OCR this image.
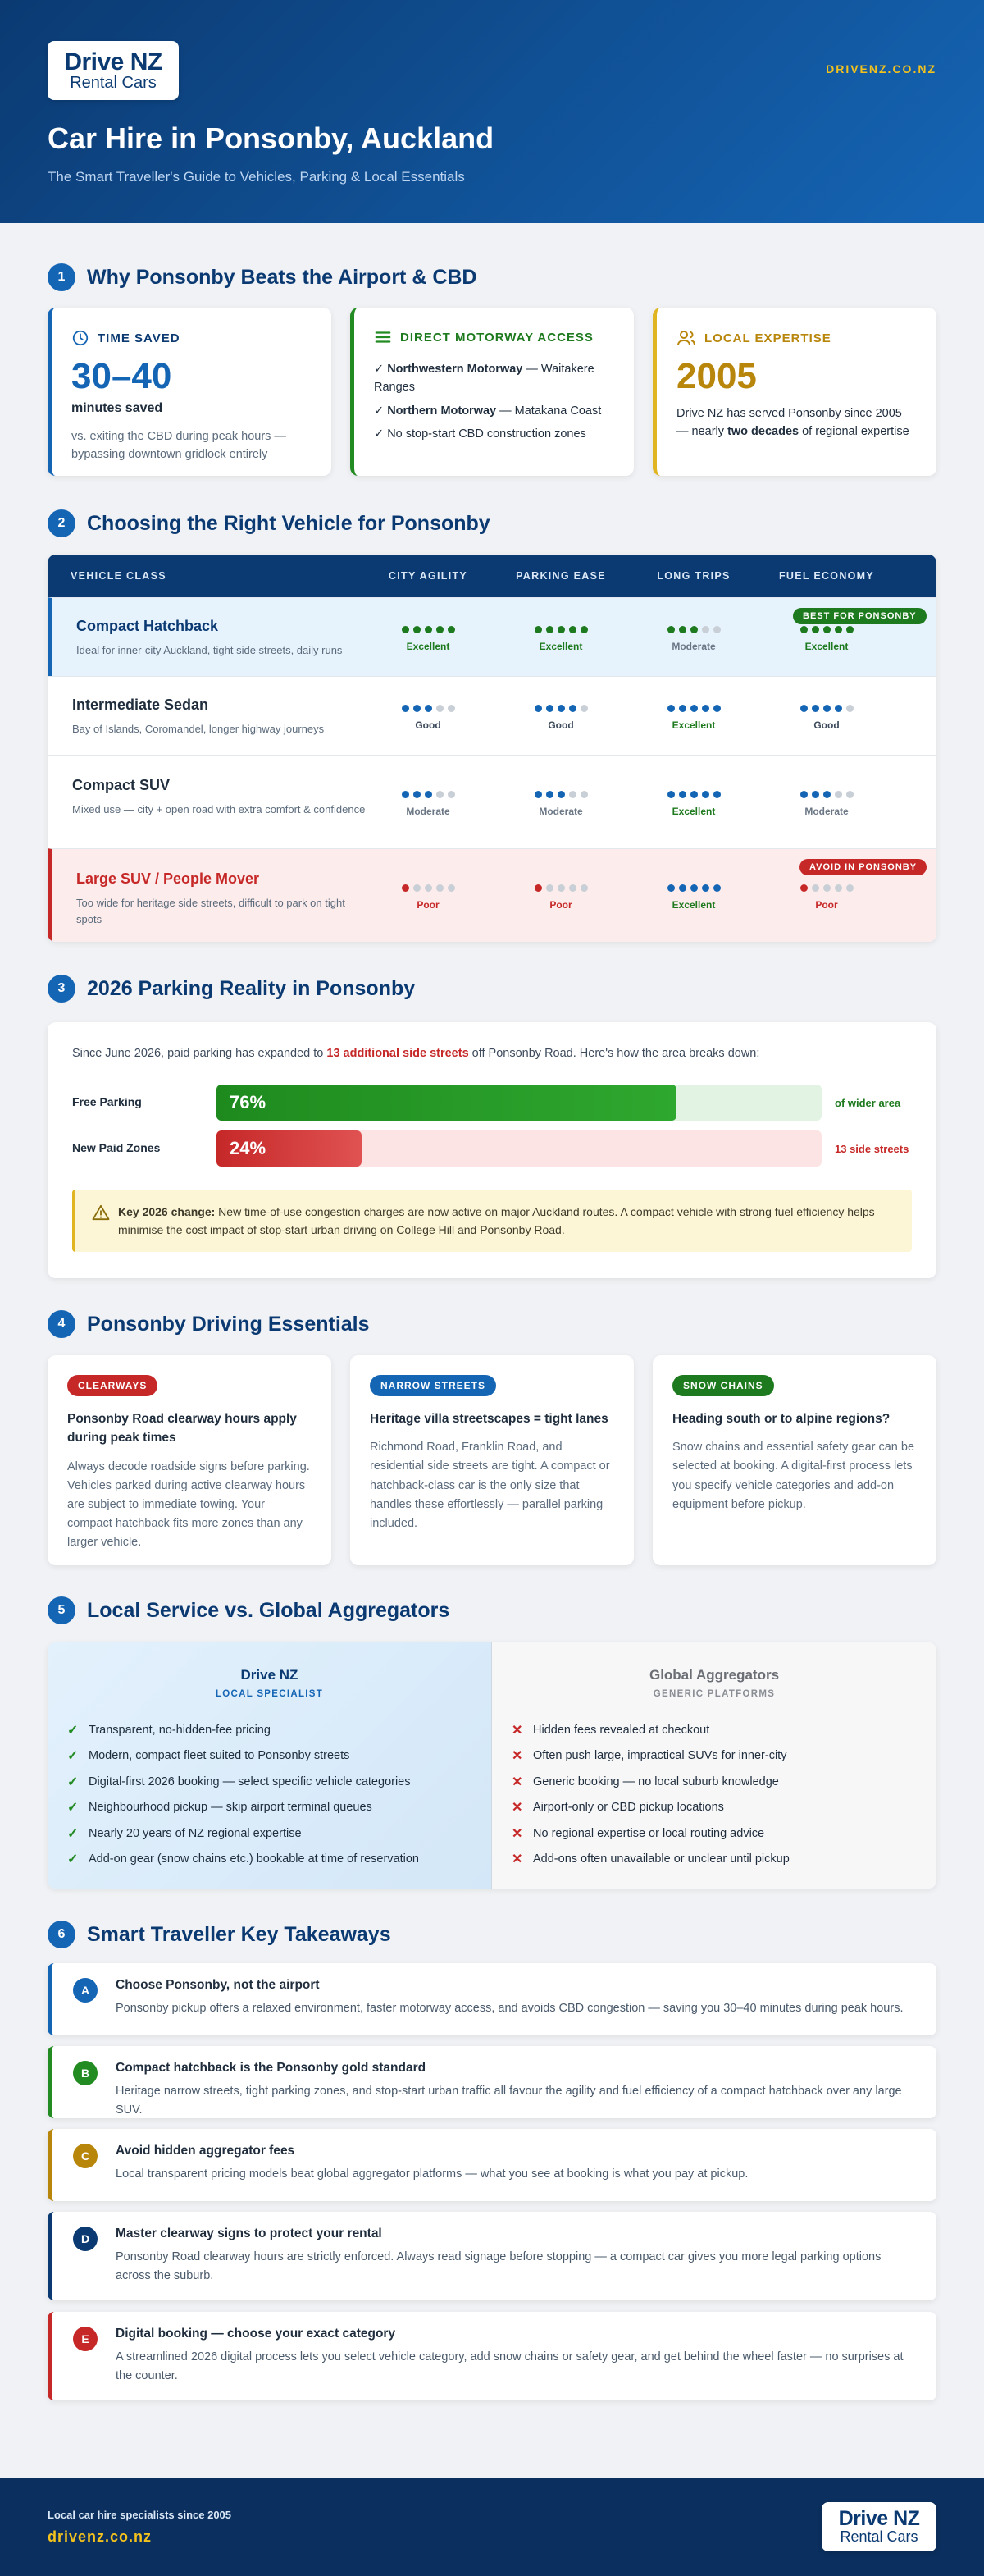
Drive NZ
Rental Cars
DRIVENZ.CO.NZ
Car Hire in Ponsonby, Auckland
The Smart Traveller's Guide to Vehicles, Parking & Local Essentials
1	Why Ponsonby Beats the Airport & CBD
TIME SAVED
30–40
minutes saved
vs. exiting the CBD during peak hours — bypassing downtown gridlock entirely
DIRECT MOTORWAY ACCESS
✓ Northwestern Motorway — Waitakere Ranges
✓ Northern Motorway — Matakana Coast
✓ No stop-start CBD construction zones
LOCAL EXPERTISE
2005
Drive NZ has served Ponsonby since 2005 — nearly two decades of regional expertise
2	Choosing the Right Vehicle for Ponsonby
VEHICLE CLASS	CITY AGILITY	PARKING EASE	LONG TRIPS	FUEL ECONOMY
Compact Hatchback
Ideal for inner-city Auckland, tight side streets, daily runs
BEST FOR PONSONBY
Excellent	Excellent	Moderate	Excellent
Intermediate Sedan
Bay of Islands, Coromandel, longer highway journeys	Good	Good	Excellent	Good
Compact SUV
Mixed use — city + open road with extra comfort & confidence	Moderate	Moderate	Excellent	Moderate
Large SUV / People Mover
Too wide for heritage side streets, difficult to park on tight spots
AVOID IN PONSONBY
Poor	Poor	Excellent	Poor
3	2026 Parking Reality in Ponsonby
Since June 2026, paid parking has expanded to 13 additional side streets off Ponsonby Road. Here's how the area breaks down:
Free Parking	76%	of wider area
New Paid Zones	24%	13 side streets
Key 2026 change: New time-of-use congestion charges are now active on major Auckland routes. A compact vehicle with strong fuel efficiency helps minimise the cost impact of stop-start urban driving on College Hill and Ponsonby Road.
4	Ponsonby Driving Essentials
CLEARWAYS
Ponsonby Road clearway hours apply during peak times
Always decode roadside signs before parking. Vehicles parked during active clearway hours are subject to immediate towing. Your compact hatchback fits more zones than any larger vehicle.
NARROW STREETS
Heritage villa streetscapes = tight lanes
Richmond Road, Franklin Road, and residential side streets are tight. A compact or hatchback-class car is the only size that handles these effortlessly — parallel parking included.
SNOW CHAINS
Heading south or to alpine regions?
Snow chains and essential safety gear can be selected at booking. A digital-first process lets you specify vehicle categories and add-on equipment before pickup.
5	Local Service vs. Global Aggregators
Drive NZ
LOCAL SPECIALIST
✓ Transparent, no-hidden-fee pricing
✓ Modern, compact fleet suited to Ponsonby streets
✓ Digital-first 2026 booking — select specific vehicle categories
✓ Neighbourhood pickup — skip airport terminal queues
✓ Nearly 20 years of NZ regional expertise
✓ Add-on gear (snow chains etc.) bookable at time of reservation
Global Aggregators
GENERIC PLATFORMS
✕ Hidden fees revealed at checkout
✕ Often push large, impractical SUVs for inner-city
✕ Generic booking — no local suburb knowledge
✕ Airport-only or CBD pickup locations
✕ No regional expertise or local routing advice
✕ Add-ons often unavailable or unclear until pickup
6	Smart Traveller Key Takeaways
A	Choose Ponsonby, not the airport
Ponsonby pickup offers a relaxed environment, faster motorway access, and avoids CBD congestion — saving you 30–40 minutes during peak hours.
B	Compact hatchback is the Ponsonby gold standard
Heritage narrow streets, tight parking zones, and stop-start urban traffic all favour the agility and fuel efficiency of a compact hatchback over any large SUV.
C	Avoid hidden aggregator fees
Local transparent pricing models beat global aggregator platforms — what you see at booking is what you pay at pickup.
D	Master clearway signs to protect your rental
Ponsonby Road clearway hours are strictly enforced. Always read signage before stopping — a compact car gives you more legal parking options across the suburb.
E	Digital booking — choose your exact category
A streamlined 2026 digital process lets you select vehicle category, add snow chains or safety gear, and get behind the wheel faster — no surprises at the counter.
Local car hire specialists since 2005
drivenz.co.nz
Drive NZ
Rental Cars
